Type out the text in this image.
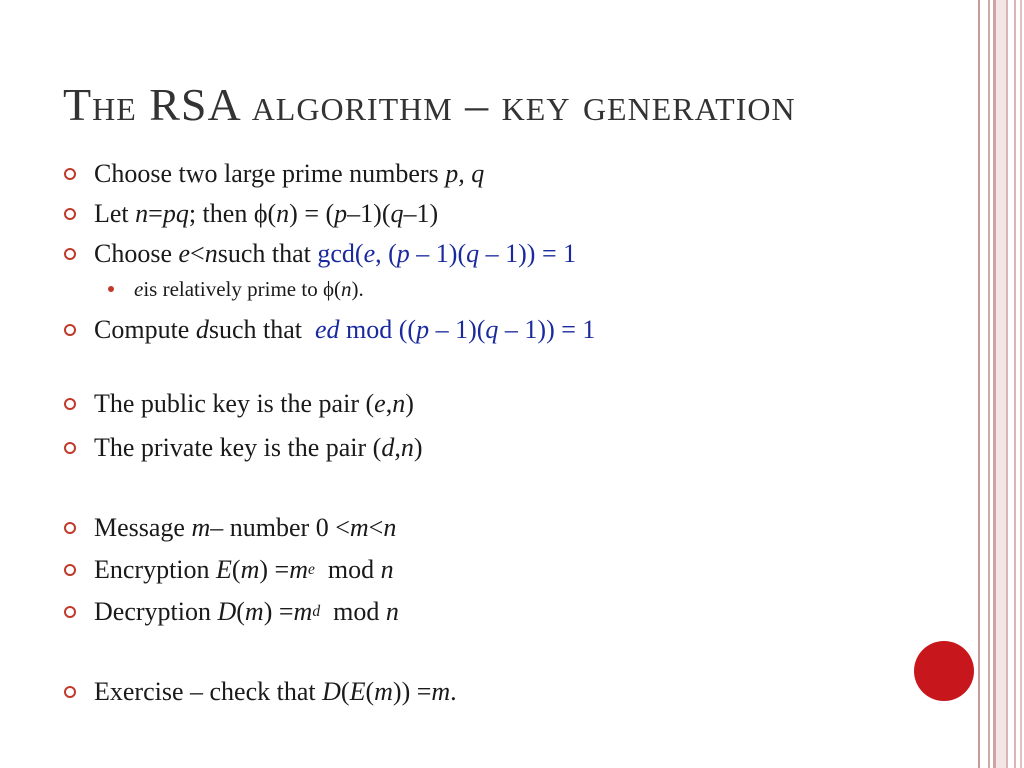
The RSA algorithm – key generation
Choose two large prime numbers
p, q
Let
n = pq ; then ϕ( n ) = ( p –1)( q –1)
Choose
e < n such that
gcd(e, (p – 1)(q – 1)) = 1
e is relatively prime to ϕ( n ).
Compute
d such that
ed mod ((p – 1)(q – 1)) = 1
The public key is the pair ( e , n )
The private key is the pair ( d , n )
Message
m – number 0 < m < n
Encryption
E ( m ) = m e mod n
Decryption
D ( m ) = m d mod n
Exercise – check that
D ( E ( m )) = m .
